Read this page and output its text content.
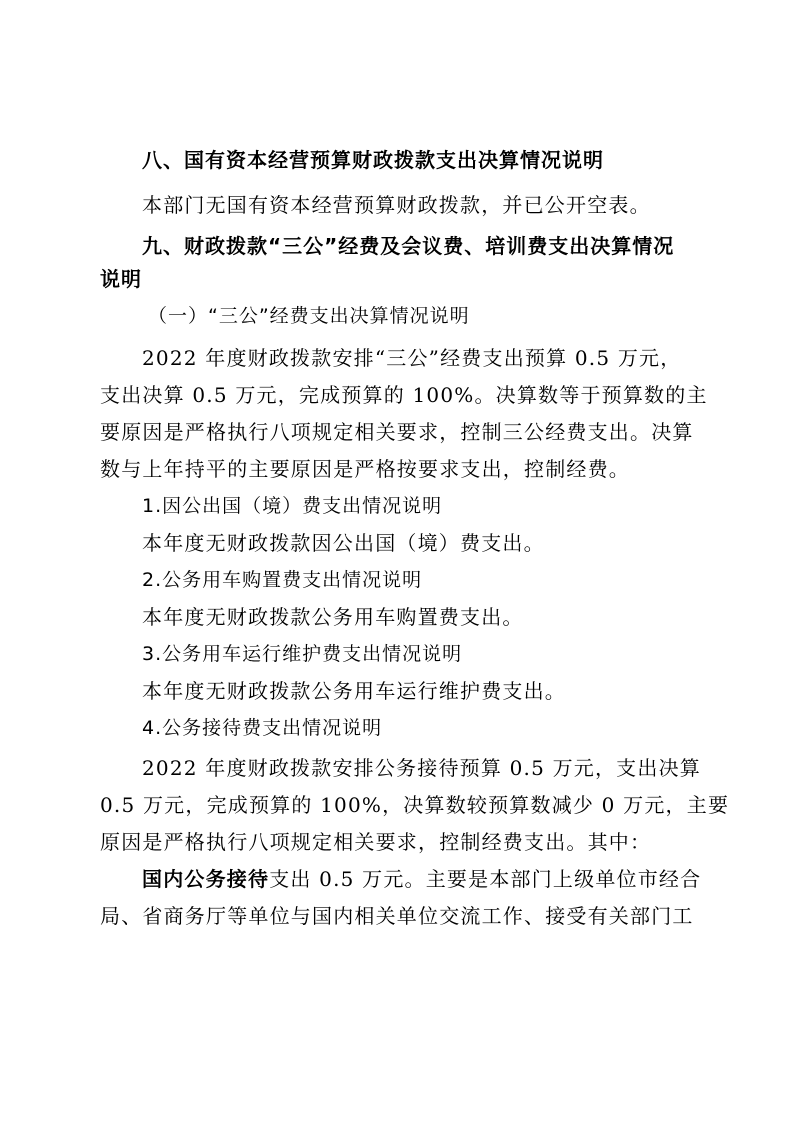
八、国有资本经营预算财政拨款支出决算情况说明
本部门无国有资本经营预算财政拨款，并已公开空表。
九、财政拨款“三公”经费及会议费、培训费支出决算情况
说明
（一）“三公”经费支出决算情况说明
2022 年度财政拨款安排“三公”经费支出预算 0.5 万元，
支出决算 0.5 万元，完成预算的 100%。决算数等于预算数的主
要原因是严格执行八项规定相关要求，控制三公经费支出。决算
数与上年持平的主要原因是严格按要求支出，控制经费。
1.因公出国（境）费支出情况说明
本年度无财政拨款因公出国（境）费支出。
2.公务用车购置费支出情况说明
本年度无财政拨款公务用车购置费支出。
3.公务用车运行维护费支出情况说明
本年度无财政拨款公务用车运行维护费支出。
4.公务接待费支出情况说明
2022 年度财政拨款安排公务接待预算 0.5 万元，支出决算
0.5 万元，完成预算的 100%，决算数较预算数减少 0 万元，主要
原因是严格执行八项规定相关要求，控制经费支出。其中：
国内公务接待支出 0.5 万元。主要是本部门上级单位市经合
局、省商务厅等单位与国内相关单位交流工作、接受有关部门工
